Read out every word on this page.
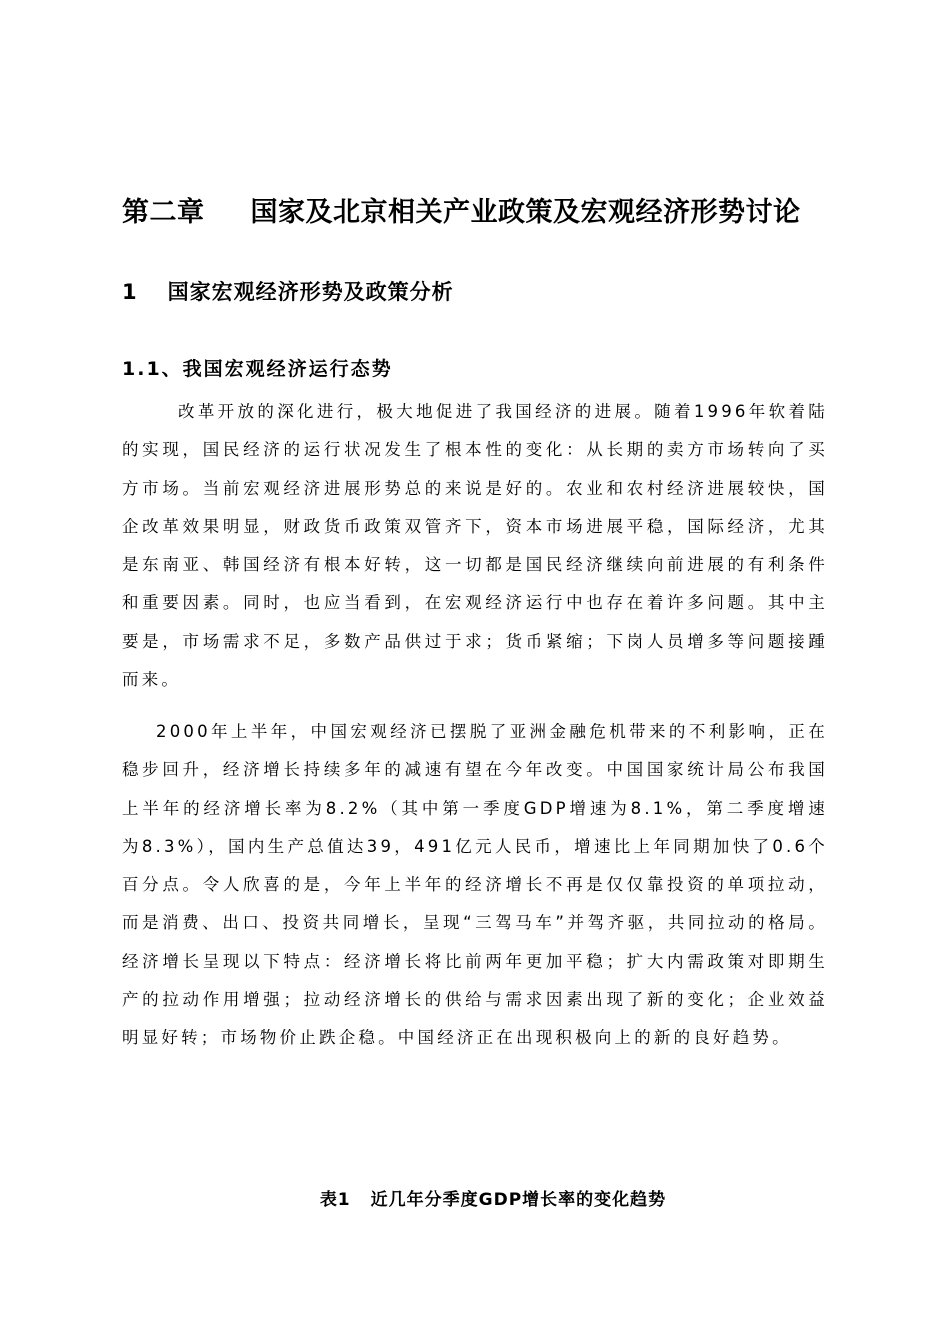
第二章 国家及北京相关产业政策及宏观经济形势讨论
1 国家宏观经济形势及政策分析
1.1、我国宏观经济运行态势

改革开放的深化进行，极大地促进了我国经济的进展。随着1996年软着陆的实现，国民经济的运行状况发生了根本性的变化：从长期的卖方市场转向了买方市场。当前宏观经济进展形势总的来说是好的。农业和农村经济进展较快，国企改革效果明显，财政货币政策双管齐下，资本市场进展平稳，国际经济，尤其是东南亚、韩国经济有根本好转，这一切都是国民经济继续向前进展的有利条件和重要因素。同时，也应当看到，在宏观经济运行中也存在着许多问题。其中主要是，市场需求不足，多数产品供过于求；货币紧缩；下岗人员增多等问题接踵而来。

2000年上半年，中国宏观经济已摆脱了亚洲金融危机带来的不利影响，正在稳步回升，经济增长持续多年的减速有望在今年改变。中国国家统计局公布我国上半年的经济增长率为8.2%（其中第一季度GDP增速为8.1%，第二季度增速为8.3%），国内生产总值达39，491亿元人民币，增速比上年同期加快了0.6个百分点。令人欣喜的是，今年上半年的经济增长不再是仅仅靠投资的单项拉动，而是消费、出口、投资共同增长，呈现“三驾马车”并驾齐驱，共同拉动的格局。经济增长呈现以下特点：经济增长将比前两年更加平稳；扩大内需政策对即期生产的拉动作用增强；拉动经济增长的供给与需求因素出现了新的变化；企业效益明显好转；市场物价止跌企稳。中国经济正在出现积极向上的新的良好趋势。

表1 近几年分季度GDP增长率的变化趋势
